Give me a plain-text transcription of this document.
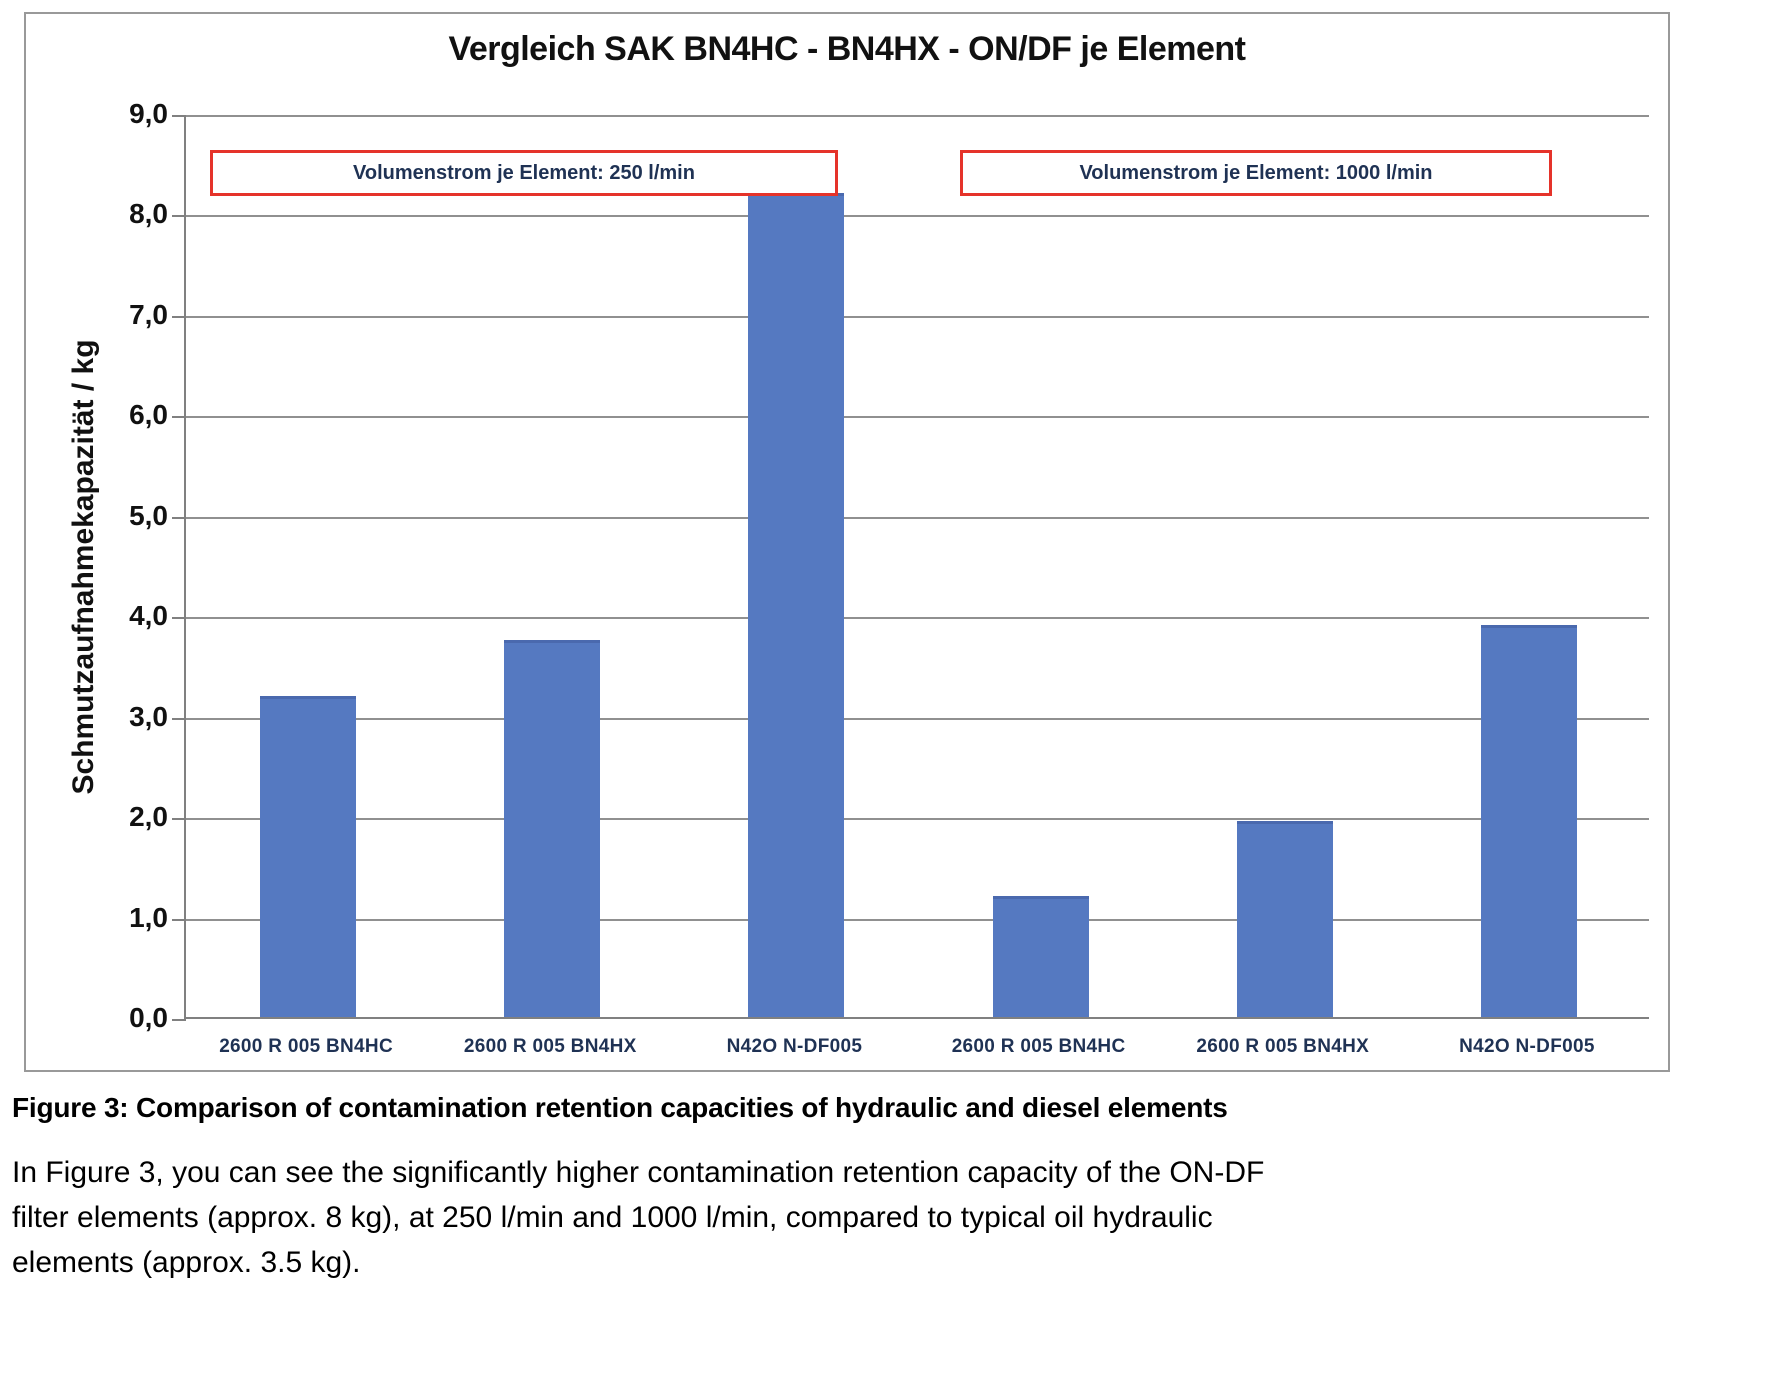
Vergleich SAK BN4HC - BN4HX - ON/DF je Element
Schmutzaufnahmekapazität / kg
Volumenstrom je Element: 250 l/min	Volumenstrom je Element: 1000 l/min
0,0
1,0
2,0
3,0
4,0
5,0
6,0
7,0
8,0
9,0
2600 R 005 BN4HC	2600 R 005 BN4HX	N42O N-DF005	2600 R 005 BN4HC	2600 R 005 BN4HX	N42O N-DF005
Figure 3: Comparison of contamination retention capacities of hydraulic and diesel elements
In Figure 3, you can see the significantly higher contamination retention capacity of the ON-DF
filter elements (approx. 8 kg), at 250 l/min and 1000 l/min, compared to typical oil hydraulic
elements (approx. 3.5 kg).
